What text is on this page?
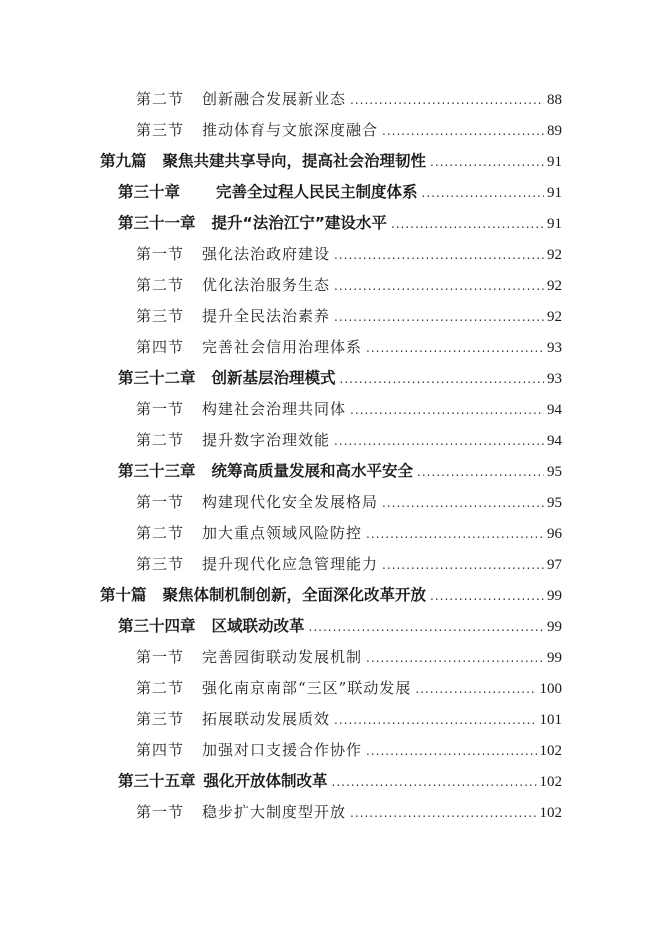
第二节 创新融合发展新业态 .....	88
第三节 推动体育与文旅深度融合 .....	89
第九篇 聚焦共建共享导向，提高社会治理韧性 .....	91
第三十章 完善全过程人民民主制度体系 .....	91
第三十一章 提升“法治江宁”建设水平 .....	91
第一节 强化法治政府建设 .....	92
第二节 优化法治服务生态 .....	92
第三节 提升全民法治素养 .....	92
第四节 完善社会信用治理体系 .....	93
第三十二章 创新基层治理模式 .....	93
第一节 构建社会治理共同体 .....	94
第二节 提升数字治理效能 .....	94
第三十三章 统筹高质量发展和高水平安全 .....	95
第一节 构建现代化安全发展格局 .....	95
第二节 加大重点领域风险防控 .....	96
第三节 提升现代化应急管理能力 .....	97
第十篇 聚焦体制机制创新，全面深化改革开放 .....	99
第三十四章 区域联动改革 .....	99
第一节 完善园街联动发展机制 .....	99
第二节 强化南京南部“三区”联动发展 .....	100
第三节 拓展联动发展质效 .....	101
第四节 加强对口支援合作协作 .....	102
第三十五章 强化开放体制改革 .....	102
第一节 稳步扩大制度型开放 .....	102
